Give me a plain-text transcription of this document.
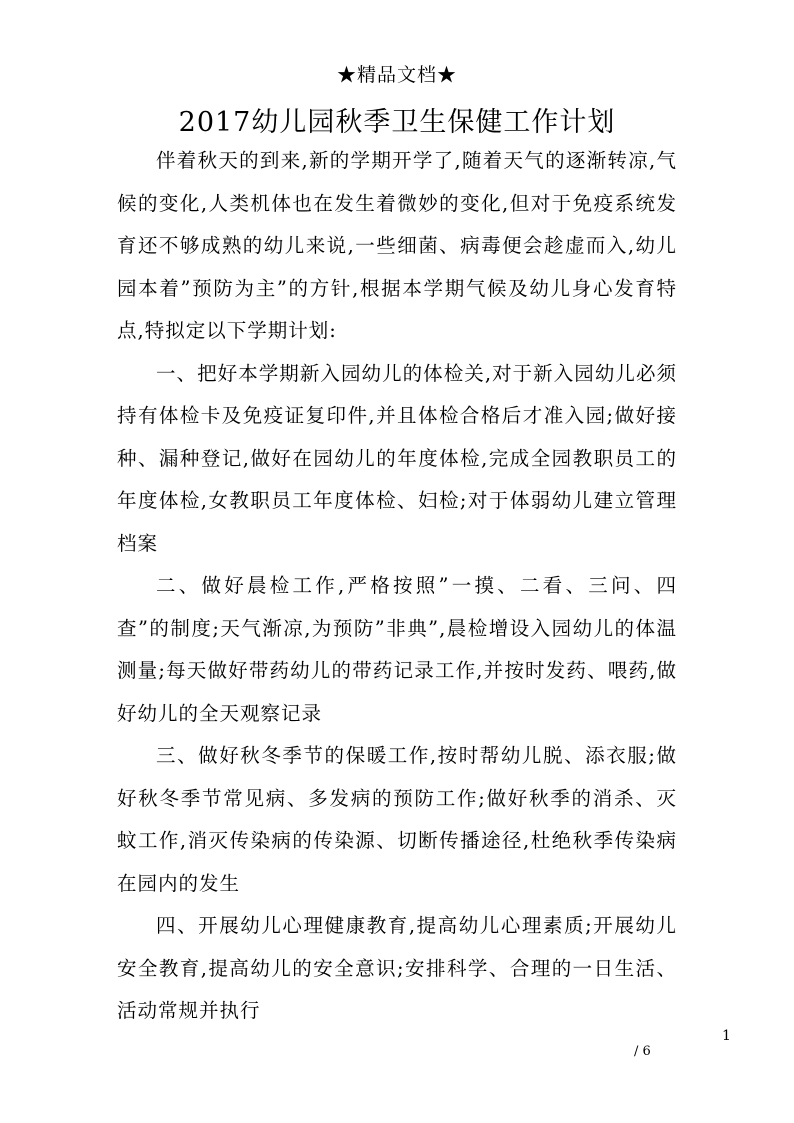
★精品文档★
2017幼儿园秋季卫生保健工作计划

伴着秋天的到来,新的学期开学了,随着天气的逐渐转凉,气候的变化,人类机体也在发生着微妙的变化,但对于免疫系统发育还不够成熟的幼儿来说,一些细菌、病毒便会趁虚而入,幼儿园本着”预防为主”的方针,根据本学期气候及幼儿身心发育特点,特拟定以下学期计划:

一、把好本学期新入园幼儿的体检关,对于新入园幼儿必须持有体检卡及免疫证复印件,并且体检合格后才准入园;做好接种、漏种登记,做好在园幼儿的年度体检,完成全园教职员工的年度体检,女教职员工年度体检、妇检;对于体弱幼儿建立管理档案

二、做好晨检工作,严格按照”一摸、二看、三问、四查”的制度;天气渐凉,为预防”非典”,晨检增设入园幼儿的体温测量;每天做好带药幼儿的带药记录工作,并按时发药、喂药,做好幼儿的全天观察记录

三、做好秋冬季节的保暖工作,按时帮幼儿脱、添衣服;做好秋冬季节常见病、多发病的预防工作;做好秋季的消杀、灭蚊工作,消灭传染病的传染源、切断传播途径,杜绝秋季传染病在园内的发生

四、开展幼儿心理健康教育,提高幼儿心理素质;开展幼儿安全教育,提高幼儿的安全意识;安排科学、合理的一日生活、活动常规并执行

1
/ 6
